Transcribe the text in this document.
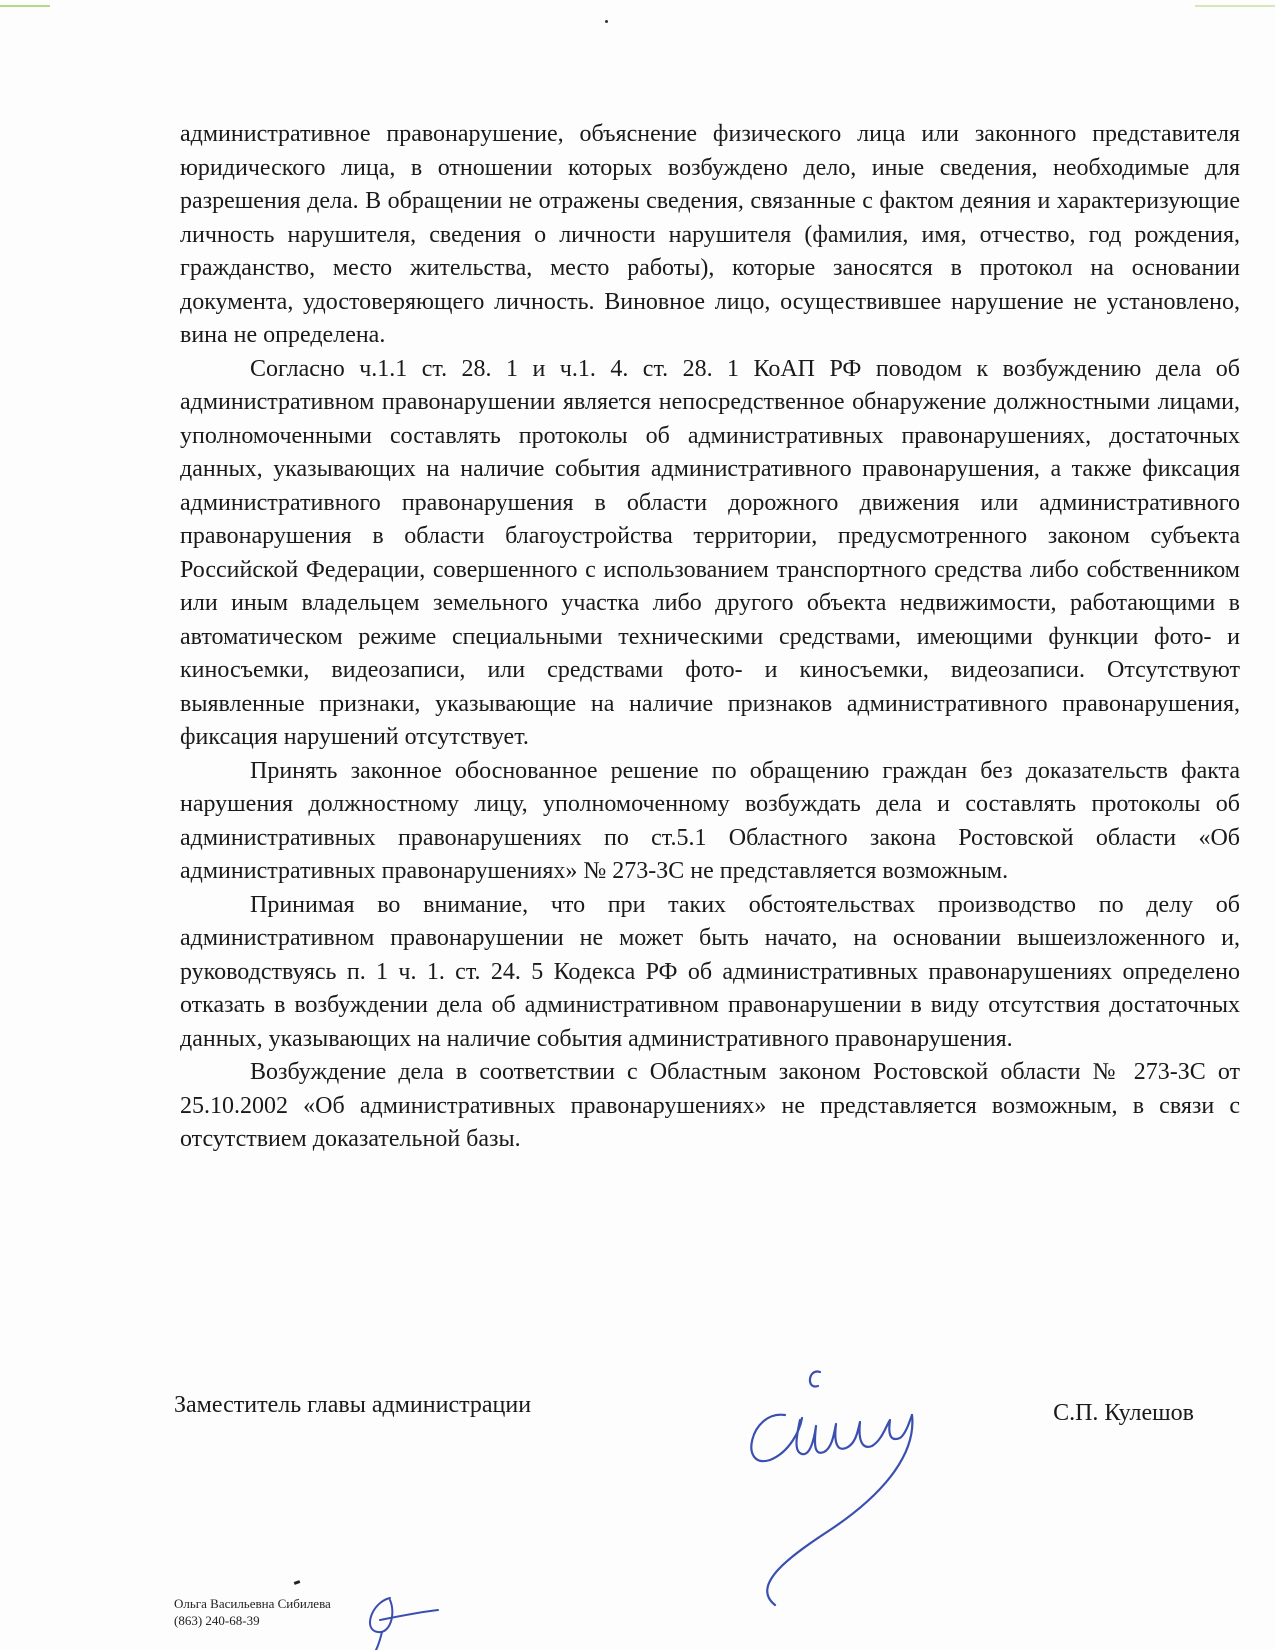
административное правонарушение, объяснение физического лица или законного представителя юридического лица, в отношении которых возбуждено дело, иные сведения, необходимые для разрешения дела. В обращении не отражены сведения, связанные с фактом деяния и характеризующие личность нарушителя, сведения о личности нарушителя (фамилия, имя, отчество, год рождения, гражданство, место жительства, место работы), которые заносятся в протокол на основании документа, удостоверяющего личность. Виновное лицо, осуществившее нарушение не установлено, вина не определена.

Согласно ч.1.1 ст. 28. 1 и ч.1. 4. ст. 28. 1 КоАП РФ поводом к возбуждению дела об административном правонарушении является непосредственное обнаружение должностными лицами, уполномоченными составлять протоколы об административных правонарушениях, достаточных данных, указывающих на наличие события административного правонарушения, а также фиксация административного правонарушения в области дорожного движения или административного правонарушения в области благоустройства территории, предусмотренного законом субъекта Российской Федерации, совершенного с использованием транспортного средства либо собственником или иным владельцем земельного участка либо другого объекта недвижимости, работающими в автоматическом режиме специальными техническими средствами, имеющими функции фото- и киносъемки, видеозаписи, или средствами фото- и киносъемки, видеозаписи. Отсутствуют выявленные признаки, указывающие на наличие признаков административного правонарушения, фиксация нарушений отсутствует.

Принять законное обоснованное решение по обращению граждан без доказательств факта нарушения должностному лицу, уполномоченному возбуждать дела и составлять протоколы об административных правонарушениях по ст.5.1 Областного закона Ростовской области «Об административных правонарушениях» № 273-ЗС не представляется возможным.

Принимая во внимание, что при таких обстоятельствах производство по делу об административном правонарушении не может быть начато, на основании вышеизложенного и, руководствуясь п. 1 ч. 1. ст. 24. 5 Кодекса РФ об административных правонарушениях определено отказать в возбуждении дела об административном правонарушении в виду отсутствия достаточных данных, указывающих на наличие события административного правонарушения.

Возбуждение дела в соответствии с Областным законом Ростовской области № 273-ЗС от 25.10.2002 «Об административных правонарушениях» не представляется возможным, в связи с отсутствием доказательной базы.

Заместитель главы администрации	С.П. Кулешов
Ольга Васильевна Сибилева
(863) 240-68-39
